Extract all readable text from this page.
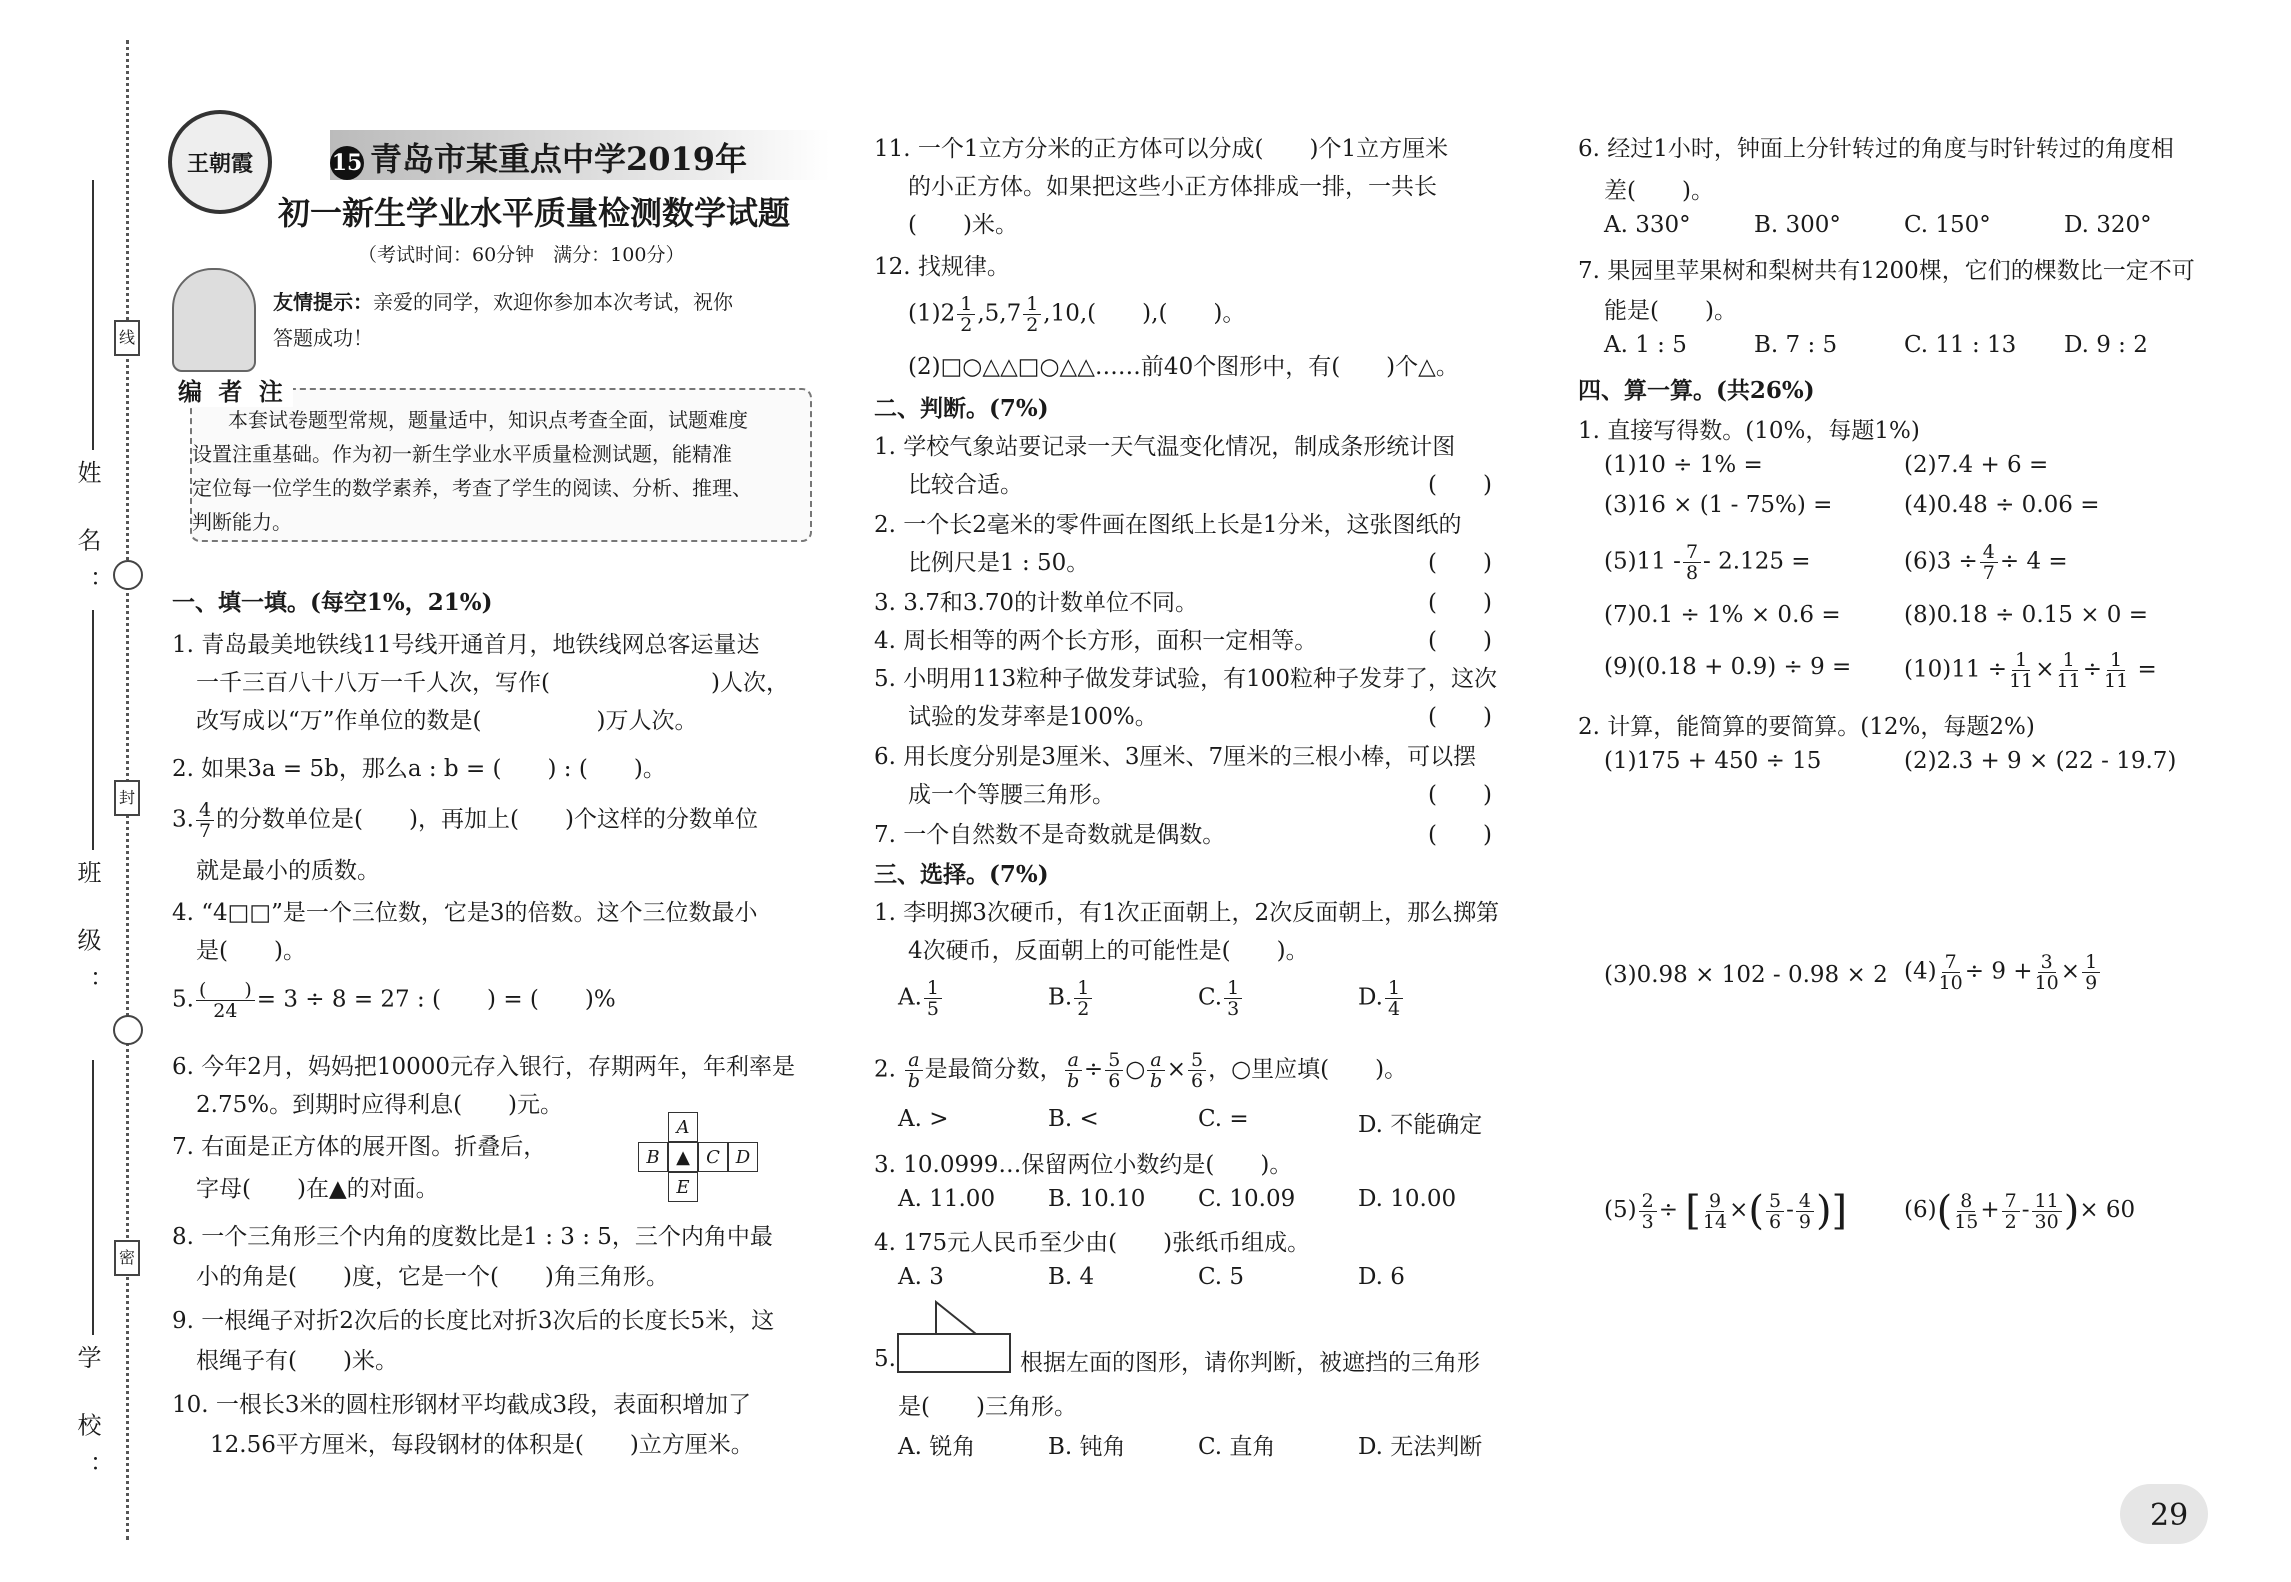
姓 名：
班 级：
学 校：
线
封
密
王朝霞	15 青岛市某重点中学2019年
初一新生学业水平质量检测数学试题
（考试时间：60分钟　满分：100分）
友情提示：亲爱的同学，欢迎你参加本次考试，祝你
答题成功！
编 者 注
本套试卷题型常规，题量适中，知识点考查全面，试题难度
设置注重基础。作为初一新生学业水平质量检测试题，能精准
定位每一位学生的数学素养，考查了学生的阅读、分析、推理、
判断能力。
一、填一填。(每空1%，21%)
1. 青岛最美地铁线11号线开通首月，地铁线网总客运量达
一千三百八十八万一千人次，写作(　　　　　　　)人次，
改写成以“万”作单位的数是(　　　　　)万人次。
2. 如果3a = 5b，那么a : b = (　　) : (　　)。
3. $\frac{4}{7}$ 的分数单位是(　　)，再加上(　　)个这样的分数单位
就是最小的质数。
4. “4□□”是一个三位数，它是3的倍数。这个三位数最小
是(　　)。
5. $\frac{( )}{24} = 3 \div 8 = 27$ : (　　) = (　　)%
6. 今年2月，妈妈把10000元存入银行，存期两年，年利率是
2.75%。到期时应得利息(　　)元。
7. 右面是正方体的展开图。折叠后，
字母(　　)在▲的对面。
A
B ▲ C D
E
8. 一个三角形三个内角的度数比是1 : 3 : 5，三个内角中最
小的角是(　　)度，它是一个(　　)角三角形。
9. 一根绳子对折2次后的长度比对折3次后的长度长5米，这
根绳子有(　　)米。
10. 一根长3米的圆柱形钢材平均截成3段，表面积增加了
12.56平方厘米，每段钢材的体积是(　　)立方厘米。
11. 一个1立方分米的正方体可以分成(　　)个1立方厘米
的小正方体。如果把这些小正方体排成一排，一共长
(　　)米。
12. 找规律。
$(1)2 \frac{1}{2} ,5,7 \frac{1}{2} ,10$,(　　),(　　)。
(2)□○△△□○△△……前40个图形中，有(　　)个△。
二、判断。(7%)
1. 学校气象站要记录一天气温变化情况，制成条形统计图
比较合适。	(　　)
2. 一个长2毫米的零件画在图纸上长是1分米，这张图纸的
比例尺是1 : 50。	(　　)
3. 3.7和3.70的计数单位不同。	(　　)
4. 周长相等的两个长方形，面积一定相等。	(　　)
5. 小明用113粒种子做发芽试验，有100粒种子发芽了，这次
试验的发芽率是100%。	(　　)
6. 用长度分别是3厘米、3厘米、7厘米的三根小棒，可以摆
成一个等腰三角形。	(　　)
7. 一个自然数不是奇数就是偶数。	(　　)
三、选择。(7%)
1. 李明掷3次硬币，有1次正面朝上，2次反面朝上，那么掷第
4次硬币，反面朝上的可能性是(　　)。
A. $\frac{1}{5}$	B. $\frac{1}{2}$	C. $\frac{1}{3}$	D. $\frac{1}{4}$
2. $\frac{a}{b}$ 是最简分数， $\frac{a}{b} \div \frac{5}{6}$ ○ $\frac{a}{b} \times \frac{5}{6}$ ，○里应填(　　)。
A. >	B. <	C. =	D. 不能确定
3. 10.0999…保留两位小数约是(　　)。
A. 11.00 B. 10.10 C. 10.09	D. 10.00
4. 175元人民币至少由(　　)张纸币组成。
A. 3	B. 4	C. 5	D. 6
5.	根据左面的图形，请你判断，被遮挡的三角形
是(　　)三角形。
A. 锐角	B. 钝角	C. 直角	D. 无法判断
6. 经过1小时，钟面上分针转过的角度与时针转过的角度相
差(　　)。
A. 330°	B. 300°	C. 150°	D. 320°
7. 果园里苹果树和梨树共有1200棵，它们的棵数比一定不可
能是(　　)。
A. 1 : 5	B. 7 : 5	C. 11 : 13 D. 9 : 2
四、算一算。(共26%)
1. 直接写得数。(10%，每题1%)
(1)10 ÷ 1% =	(2)7.4 + 6 =
(3)16 × (1 - 75%) =	(4)0.48 ÷ 0.06 =
$(5)11 - \frac{7}{8} - 2.125$ =	$(6)3 \div \frac{4}{7} \div 4$ =
(7)0.1 ÷ 1% × 0.6 =	(8)0.18 ÷ 0.15 × 0 =
$(9)(0.18 + 0.9) \div 9 = (10)11 \div \frac{1}{11} \times \frac{1}{11} \div \frac{1}{11}$ =
2. 计算，能简算的要简算。(12%，每题2%)
(1)175 + 450 ÷ 15	(2)2.3 + 9 × (22 - 19.7)
(3)0.98 × 102 - 0.98 × 2 $(4) \frac{7}{10} \div 9 + \frac{3}{10} \times \frac{1}{9}$
$(5) \frac{2}{3}$ ÷ [ $\frac{9}{14}$ ×( $\frac{5}{6} - \frac{4}{9}$ )] $(6)( \frac{8}{15} + \frac{7}{2} - \frac{11}{30}$ )× 60
29
